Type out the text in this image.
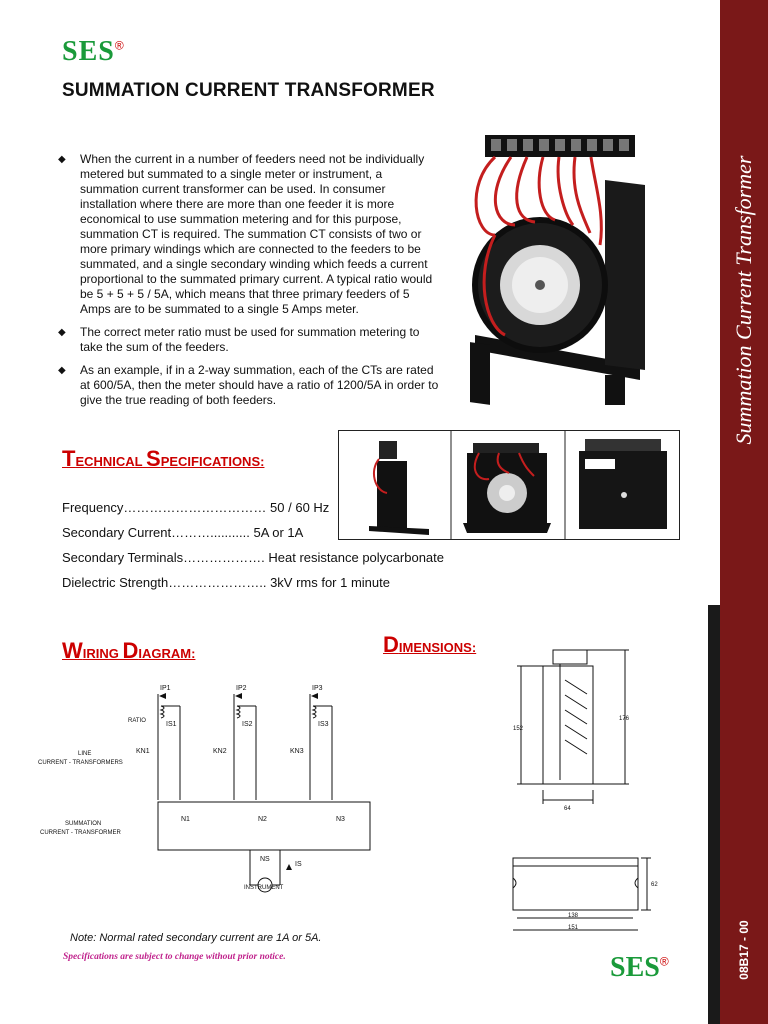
SES®
SUMMATION CURRENT TRANSFORMER
◆ When the current in a number of feeders need not be individually metered but summated to a single meter or instrument, a summation current transformer can be used. In consumer installation where there are more than one feeder it is more economical to use summation metering and for this purpose, summation CT is required. The summation CT consists of two or more primary windings which are connected to the feeders to be summated, and a single secondary winding which feeds a current proportional to the summated primary current. A typical ratio would be 5 + 5 + 5 / 5A, which means that three primary feeders of 5 Amps are to be summated to a single 5 Amps meter.
◆ The correct meter ratio must be used for summation metering to take the sum of the feeders.
◆ As an example, if in a 2-way summation, each of the CTs are rated at 600/5A, then the meter should have a ratio of 1200/5A in order to give the true reading of both feeders.
TECHNICAL SPECIFICATIONS:
Frequency…………………………… 50 / 60 Hz
Secondary Current………........... 5A or 1A
Secondary Terminals………………. Heat resistance polycarbonate
Dielectric Strength………………….. 3kV rms for 1 minute
WIRING DIAGRAM:	DIMENSIONS:
IP1	IP2	IP3
IS1	IS2	IS3
KN1	KN2	KN3
N1	N2	N3
NS
IS
RATIO
LINE
CURRENT - TRANSFORMERS
SUMMATION
CURRENT - TRANSFORMER
INSTRUMENT
152
176
64
62
138
151
Note: Normal rated secondary current are 1A or 5A.
Specifications are subject to change without prior notice.	SES®
Summation Current Transformer
08B17 - 00
